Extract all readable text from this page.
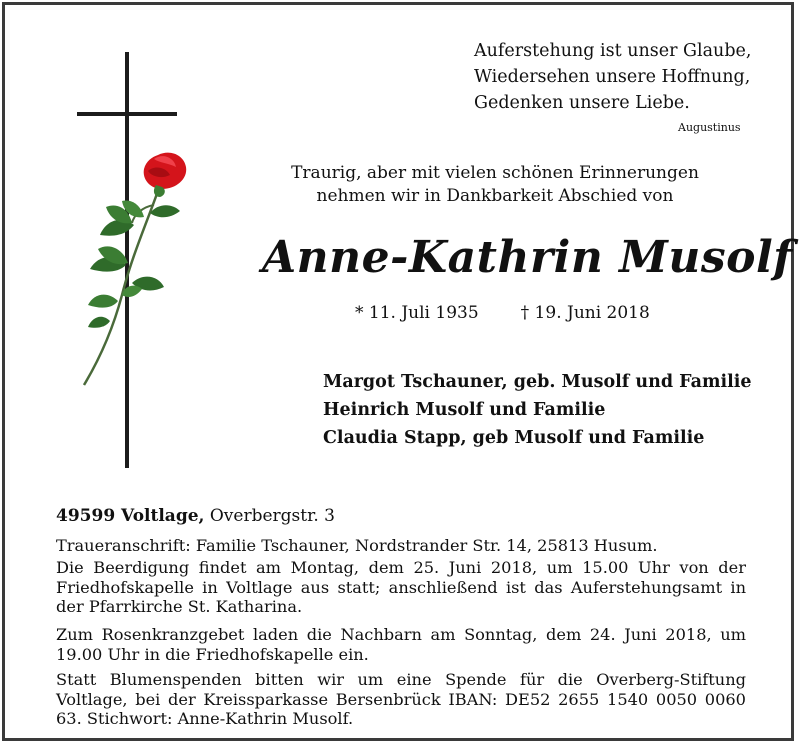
Auferstehung ist unser Glaube,
Wiedersehen unsere Hoffnung,
Gedenken unsere Liebe.
Augustinus
Traurig, aber mit vielen schönen Erinnerungen nehmen wir in Dankbarkeit Abschied von
Anne-Kathrin Musolf
* 11. Juli 1935 † 19. Juni 2018
Margot Tschauner, geb. Musolf und Familie
Heinrich Musolf und Familie
Claudia Stapp, geb Musolf und Familie
49599 Voltlage, Overbergstr. 3
Traueranschrift: Familie Tschauner, Nordstrander Str. 14, 25813 Husum.
Die Beerdigung findet am Montag, dem 25. Juni 2018, um 15.00 Uhr von der Friedhofskapelle in Voltlage aus statt; anschließend ist das Auferstehungsamt in der Pfarrkirche St. Katharina.
Zum Rosenkranzgebet laden die Nachbarn am Sonntag, dem 24. Juni 2018, um 19.00 Uhr in die Friedhofskapelle ein.
Statt Blumenspenden bitten wir um eine Spende für die Overberg-Stiftung Voltlage, bei der Kreissparkasse Bersenbrück IBAN: DE52 2655 1540 0050 0060 63. Stichwort: Anne-Kathrin Musolf.
